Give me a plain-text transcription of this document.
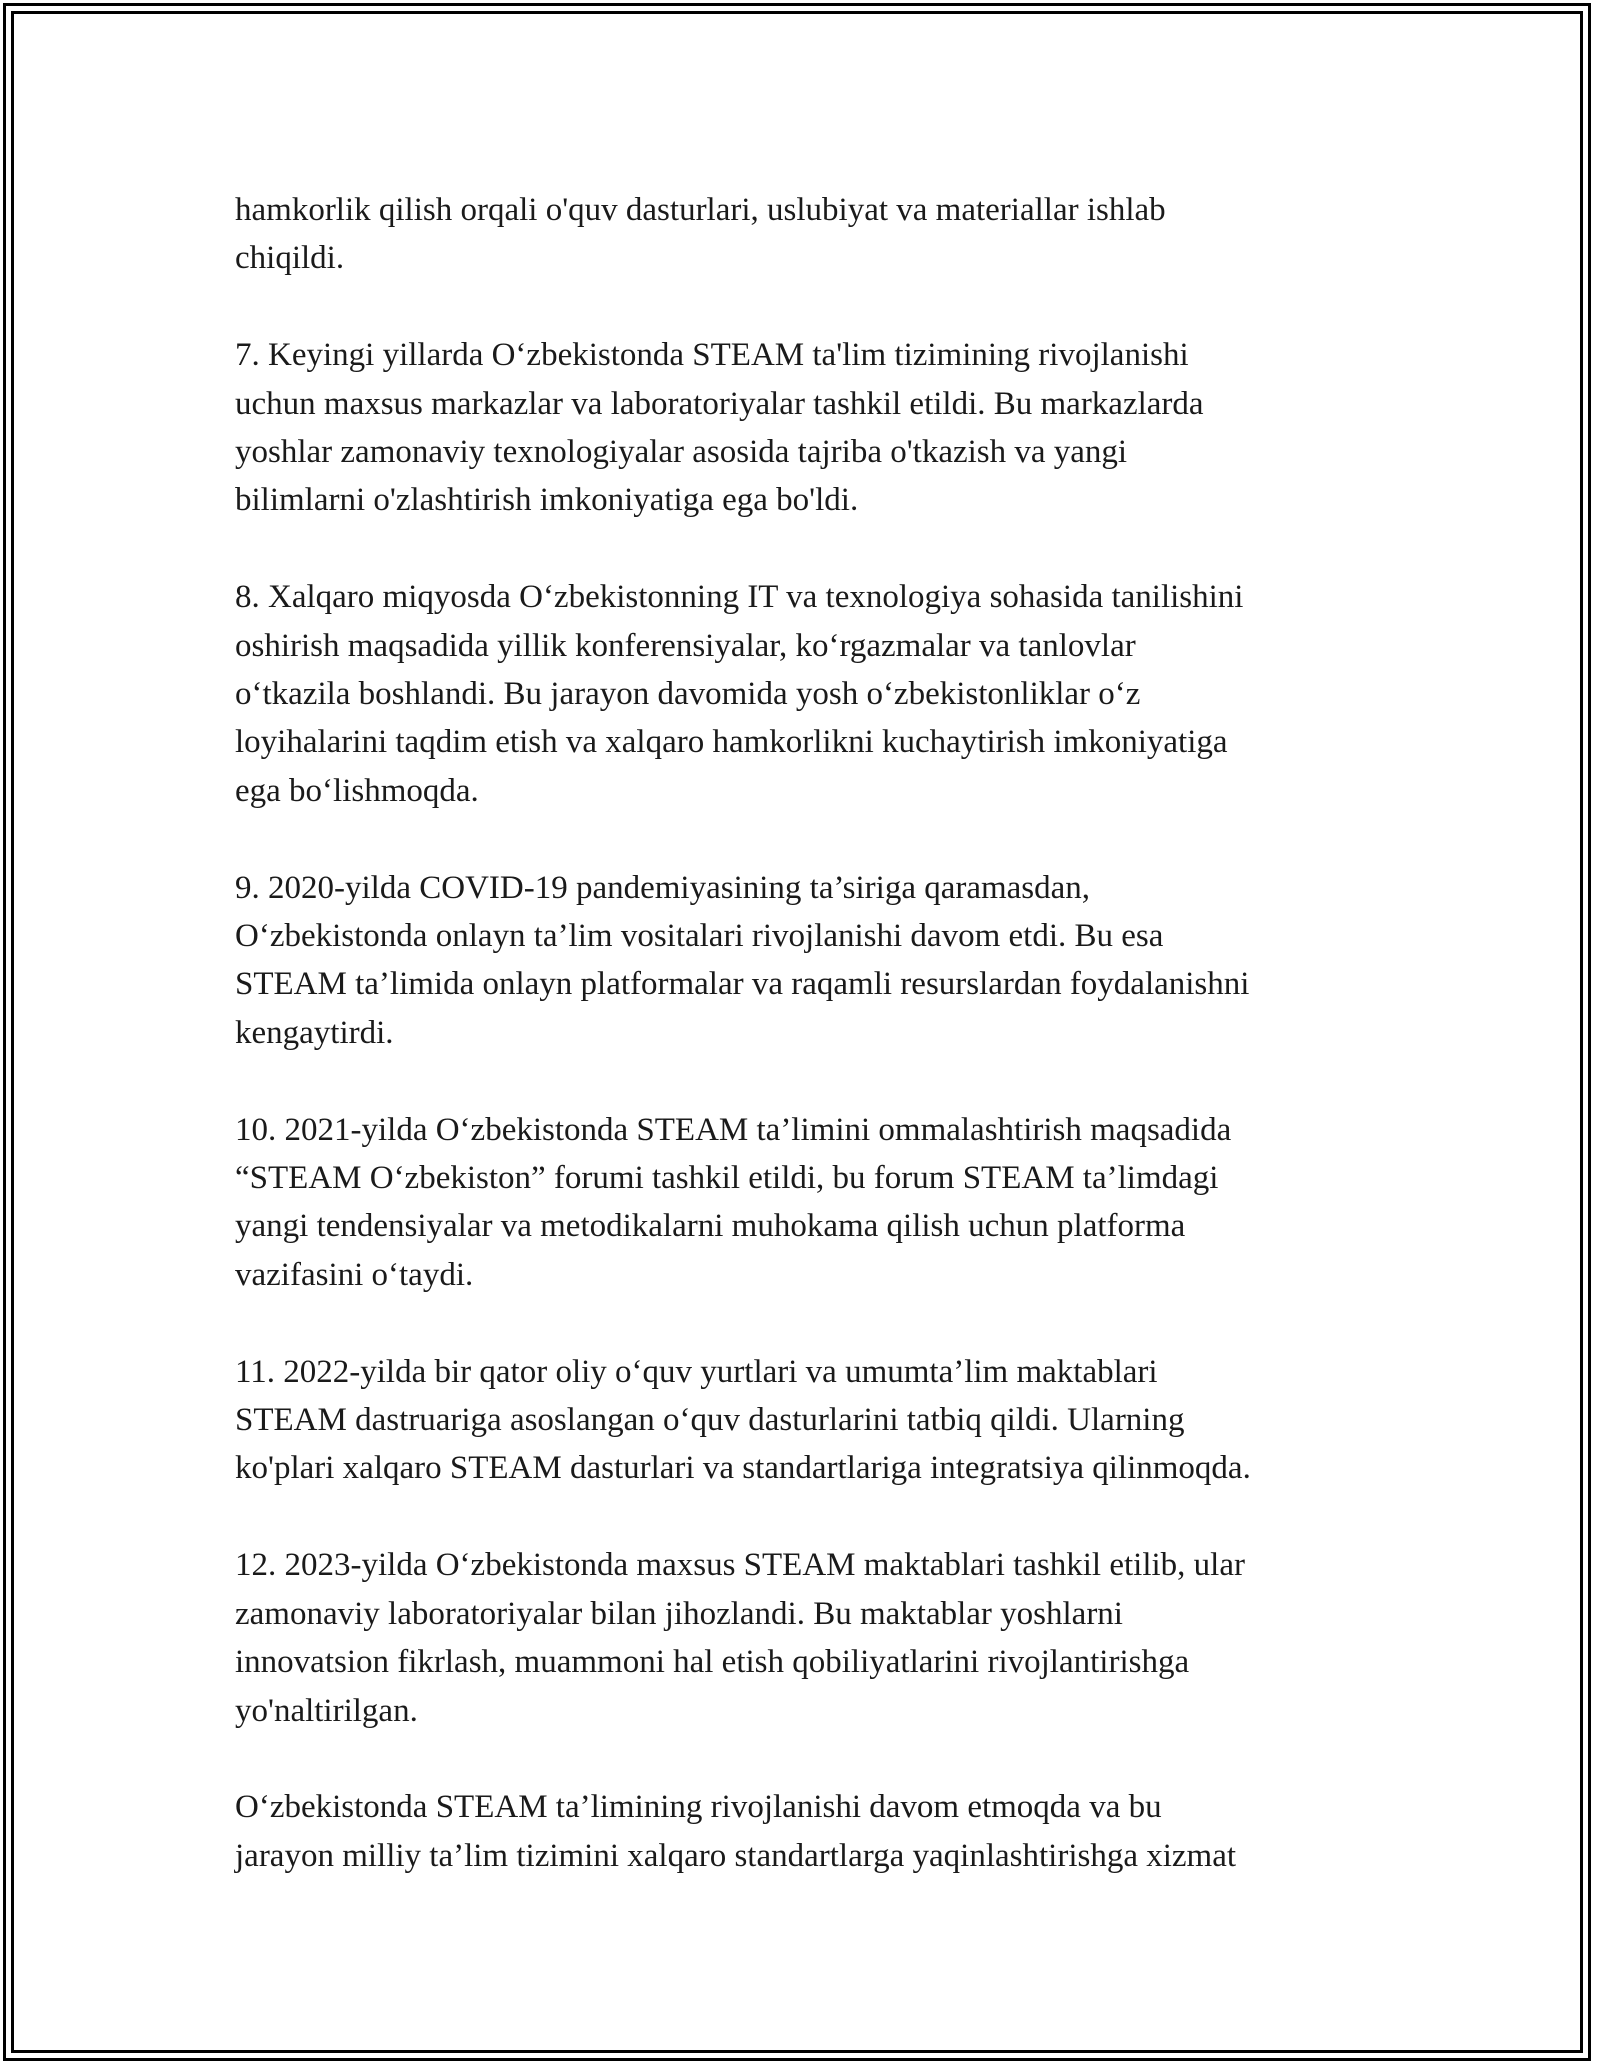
hamkorlik qilish orqali o'quv dasturlari, uslubiyat va materiallar ishlab
chiqildi.

7. Keyingi yillarda O‘zbekistonda STEAM ta'lim tizimining rivojlanishi
uchun maxsus markazlar va laboratoriyalar tashkil etildi. Bu markazlarda
yoshlar zamonaviy texnologiyalar asosida tajriba o'tkazish va yangi
bilimlarni o'zlashtirish imkoniyatiga ega bo'ldi.

8. Xalqaro miqyosda O‘zbekistonning IT va texnologiya sohasida tanilishini
oshirish maqsadida yillik konferensiyalar, ko‘rgazmalar va tanlovlar
o‘tkazila boshlandi. Bu jarayon davomida yosh o‘zbekistonliklar o‘z
loyihalarini taqdim etish va xalqaro hamkorlikni kuchaytirish imkoniyatiga
ega bo‘lishmoqda.

9. 2020-yilda COVID-19 pandemiyasining ta’siriga qaramasdan,
O‘zbekistonda onlayn ta’lim vositalari rivojlanishi davom etdi. Bu esa
STEAM ta’limida onlayn platformalar va raqamli resurslardan foydalanishni
kengaytirdi.

10. 2021-yilda O‘zbekistonda STEAM ta’limini ommalashtirish maqsadida
“STEAM O‘zbekiston” forumi tashkil etildi, bu forum STEAM ta’limdagi
yangi tendensiyalar va metodikalarni muhokama qilish uchun platforma
vazifasini o‘taydi.

11. 2022-yilda bir qator oliy o‘quv yurtlari va umumta’lim maktablari
STEAM dastruariga asoslangan o‘quv dasturlarini tatbiq qildi. Ularning
ko'plari xalqaro STEAM dasturlari va standartlariga integratsiya qilinmoqda.

12. 2023-yilda O‘zbekistonda maxsus STEAM maktablari tashkil etilib, ular
zamonaviy laboratoriyalar bilan jihozlandi. Bu maktablar yoshlarni
innovatsion fikrlash, muammoni hal etish qobiliyatlarini rivojlantirishga
yo'naltirilgan.

O‘zbekistonda STEAM ta’limining rivojlanishi davom etmoqda va bu
jarayon milliy ta’lim tizimini xalqaro standartlarga yaqinlashtirishga xizmat
